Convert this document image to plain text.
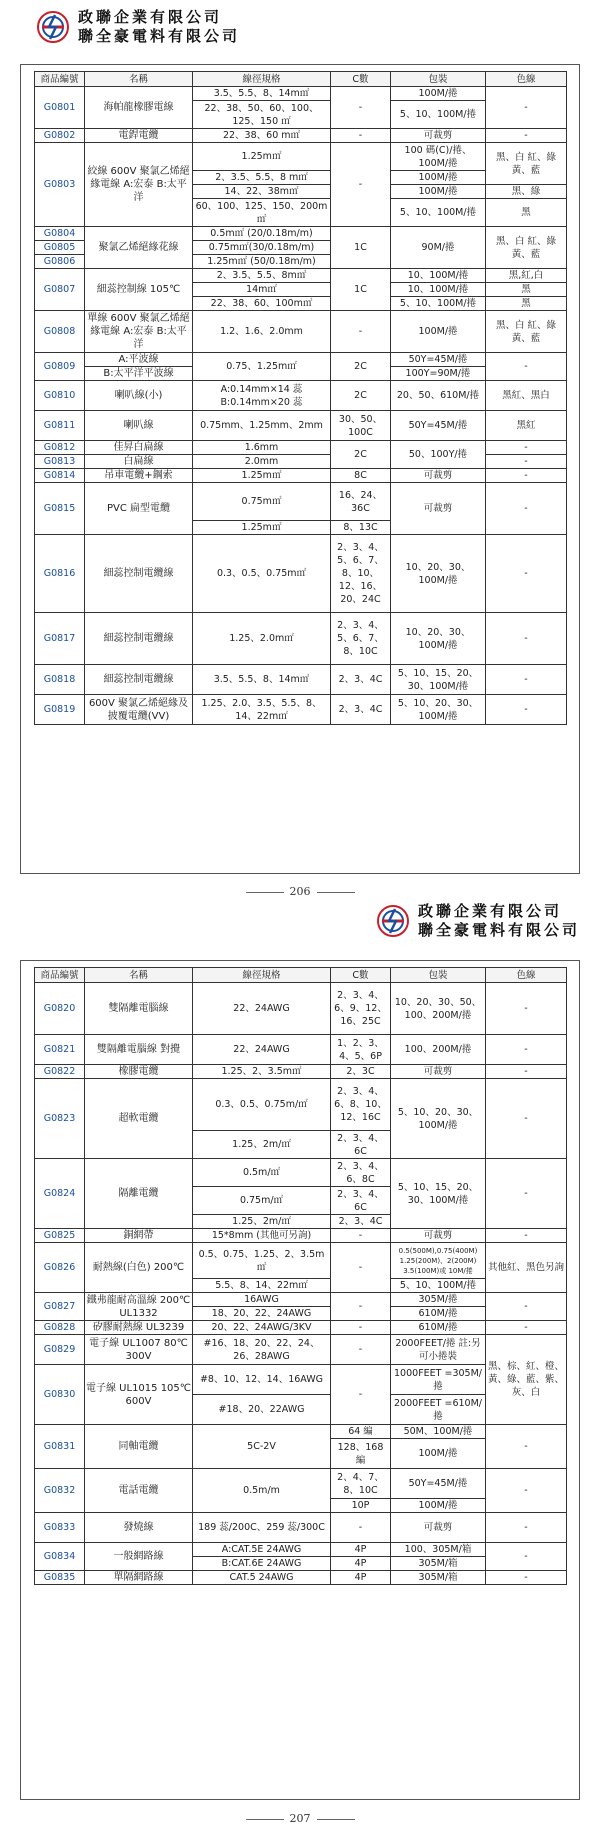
政聯企業有限公司
聯全豪電料有限公司
商品編號	名稱	線徑規格	C數	包裝	色線
G0801	海帕龍橡膠電線	3.5、5.5、8、14m㎡	-	100M/捲	-
		22、38、50、60、100、125、150 ㎡		5、10、100M/捲	

G0802	電銲電纜	22、38、60 m㎡	-	可裁剪	-
G0803	絞線 600V 聚氯乙烯絕緣電線 A:宏泰 B:太平洋	1.25m㎡	-	100 碼(C)/捲、100M/捲	黑、白 紅、綠 黃、藍
		2、3.5、5.5、8 m㎡		100M/捲	
		14、22、38m㎡		100M/捲	黑、綠
		60、100、125、150、200m㎡		5、10、100M/捲	黑
G0804	聚氯乙烯絕緣花線	0.5m㎡ (20/0.18m/m)	1C	90M/捲	黑、白 紅、綠 黃、藍
G0805		0.75m㎡(30/0.18m/m)			
G0806		1.25m㎡ (50/0.18m/m)			
G0807	細蕊控制線 105℃	2、3.5、5.5、8m㎡	1C	10、100M/捲	黑,紅,白
		14m㎡		10、100M/捲	黑
		22、38、60、100m㎡		5、10、100M/捲	黑
G0808	單線 600V 聚氯乙烯絕緣電線 A:宏泰 B:太平洋	1.2、1.6、2.0mm	-	100M/捲	黑、白 紅、綠 黃、藍
G0809	A:平波線	0.75、1.25m㎡	2C	50Y=45M/捲	-
	B:太平洋平波線			100Y=90M/捲	
G0810	喇叭線(小)	A:0.14mm×14 蕊 B:0.14mm×20 蕊	2C	20、50、610M/捲	黑紅、黑白
G0811	喇叭線	0.75mm、1.25mm、2mm	30、50、100C	50Y=45M/捲	黑紅
G0812	佳昇白扁線	1.6mm	2C	50、100Y/捲	-
G0813	白扁線	2.0mm			-
G0814	吊車電纜+鋼索	1.25m㎡	8C	可裁剪	-
G0815	PVC 扁型電纜	0.75m㎡	16、24、36C	可裁剪	-
		1.25m㎡	8、13C		
G0816	細蕊控制電纜線	0.3、0.5、0.75m㎡	2、3、4、5、6、7、8、10、12、16、20、24C	10、20、30、100M/捲	-
G0817	細蕊控制電纜線	1.25、2.0m㎡	2、3、4、5、6、7、8、10C	10、20、30、100M/捲	-
G0818	細蕊控制電纜線	3.5、5.5、8、14m㎡	2、3、4C	5、10、15、20、30、100M/捲	-
G0819	600V 聚氯乙烯絕緣及披覆電纜(VV)	1.25、2.0、3.5、5.5、8、14、22m㎡	2、3、4C	5、10、20、30、100M/捲	-
206
政聯企業有限公司
聯全豪電料有限公司
商品編號	名稱	線徑規格	C數	包裝	色線
G0820	雙隔離電腦線	22、24AWG	2、3、4、6、9、12、16、25C	10、20、30、50、100、200M/捲	-
G0821	雙隔離電腦線 對攪	22、24AWG	1、2、3、4、5、6P	100、200M/捲	-
G0822	橡膠電纜	1.25、2、3.5m㎡	2、3C	可裁剪	-
G0823	超軟電纜	0.3、0.5、0.75m/㎡	2、3、4、6、8、10、12、16C	5、10、20、30、100M/捲	-
		1.25、2m/㎡	2、3、4、6C		
G0824	隔離電纜	0.5m/㎡	2、3、4、6、8C	5、10、15、20、30、100M/捲	-
		0.75m/㎡	2、3、4、6C		
		1.25、2m/㎡	2、3、4C		
G0825	銅網帶	15*8mm (其他可另詢)	-	可裁剪	-
G0826	耐熱線(白色) 200℃	0.5、0.75、1.25、2、3.5m㎡	-	0.5(500M),0.75(400M)
1.25(200M)、2(200M)
3.5(100M)或 10M/捲	其他紅、黑色另詢
		5.5、8、14、22m㎡		5、10、100M/捲	
G0827	鐵弗龍耐高溫線 200℃ UL1332	16AWG	-	305M/捲	-
		18、20、22、24AWG		610M/捲	
G0828	矽膠耐熱線 UL3239	20、22、24AWG/3KV	-	610M/捲	-
G0829	電子線 UL1007 80℃ 300V	#16、18、20、22、24、26、28AWG	-	2000FEET/捲 註:另可小捲裝	黑、棕、紅、橙、黃、綠、藍、紫、灰、白
G0830	電子線 UL1015 105℃ 600V	#8、10、12、14、16AWG	-	1000FEET =305M/捲	
		#18、20、22AWG		2000FEET =610M/捲	
G0831	同軸電纜	5C-2V	64 編	50M、100M/捲	-
			128、168 編	100M/捲	
G0832	電話電纜	0.5m/m	2、4、7、8、10C	50Y=45M/捲	-
			10P	100M/捲	
G0833	發燒線	189 蕊/200C、259 蕊/300C	-	可裁剪	-
G0834	一般網路線	A:CAT.5E 24AWG	4P	100、305M/箱	-
		B:CAT.6E 24AWG	4P	305M/箱	
G0835	單隔網路線	CAT.5 24AWG	4P	305M/箱	-
207
